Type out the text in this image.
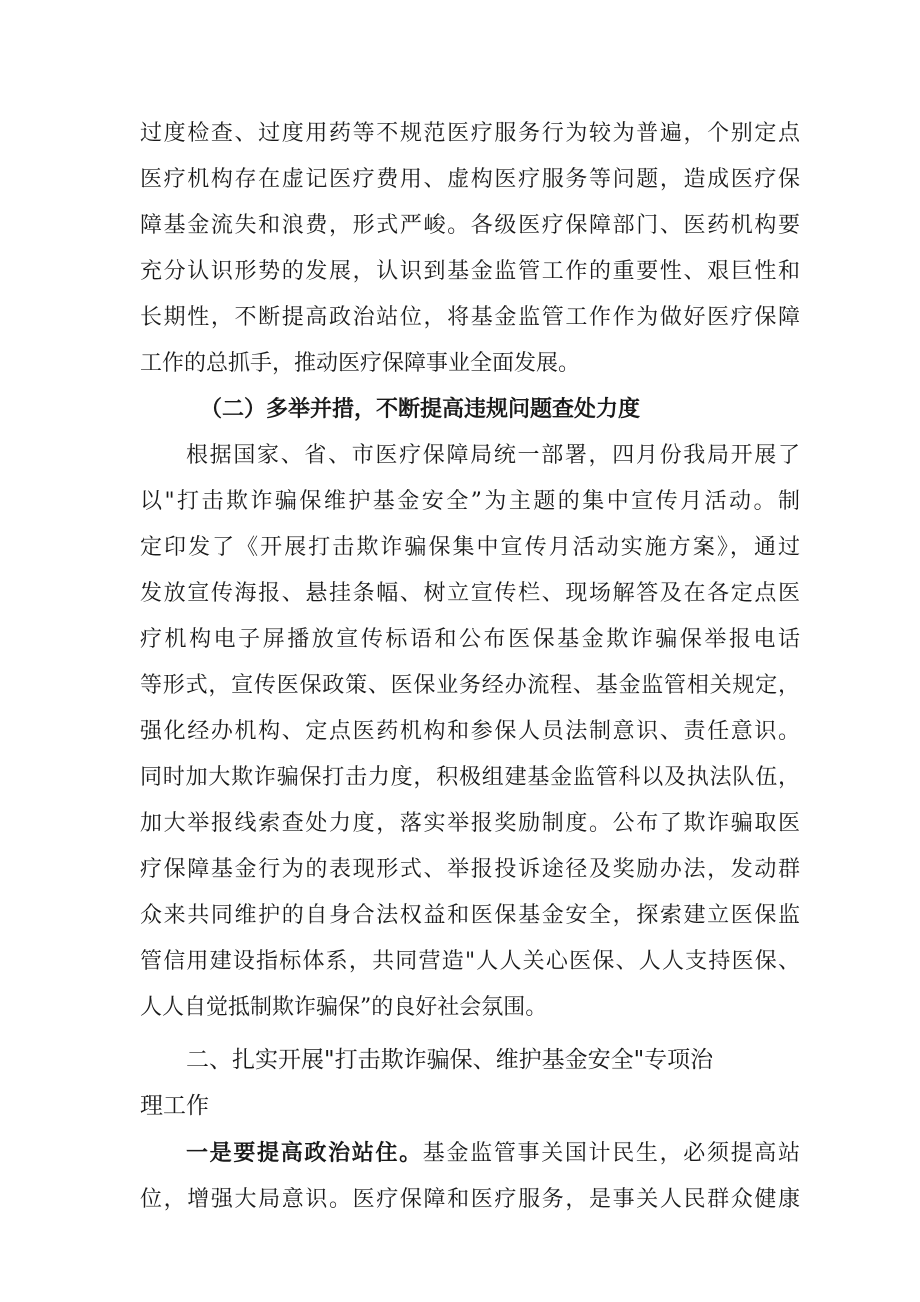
过度检查、过度用药等不规范医疗服务行为较为普遍，个别定点
医疗机构存在虚记医疗费用、虚构医疗服务等问题，造成医疗保
障基金流失和浪费，形式严峻。各级医疗保障部门、医药机构要
充分认识形势的发展，认识到基金监管工作的重要性、艰巨性和
长期性，不断提高政治站位，将基金监管工作作为做好医疗保障
工作的总抓手，推动医疗保障事业全面发展。
（二）多举并措，不断提高违规问题查处力度
根据国家、省、市医疗保障局统一部署，四月份我局开展了
以"打击欺诈骗保维护基金安全”为主题的集中宣传月活动。制
定印发了《开展打击欺诈骗保集中宣传月活动实施方案》，通过
发放宣传海报、悬挂条幅、树立宣传栏、现场解答及在各定点医
疗机构电子屏播放宣传标语和公布医保基金欺诈骗保举报电话
等形式，宣传医保政策、医保业务经办流程、基金监管相关规定，
强化经办机构、定点医药机构和参保人员法制意识、责任意识。
同时加大欺诈骗保打击力度，积极组建基金监管科以及执法队伍，
加大举报线索查处力度，落实举报奖励制度。公布了欺诈骗取医
疗保障基金行为的表现形式、举报投诉途径及奖励办法，发动群
众来共同维护的自身合法权益和医保基金安全，探索建立医保监
管信用建设指标体系，共同营造"人人关心医保、人人支持医保、
人人自觉抵制欺诈骗保”的良好社会氛围。
二、扎实开展"打击欺诈骗保、维护基金安全"专项治
理工作
一是要提高政治站住。基金监管事关国计民生，必须提高站
位，增强大局意识。医疗保障和医疗服务，是事关人民群众健康
